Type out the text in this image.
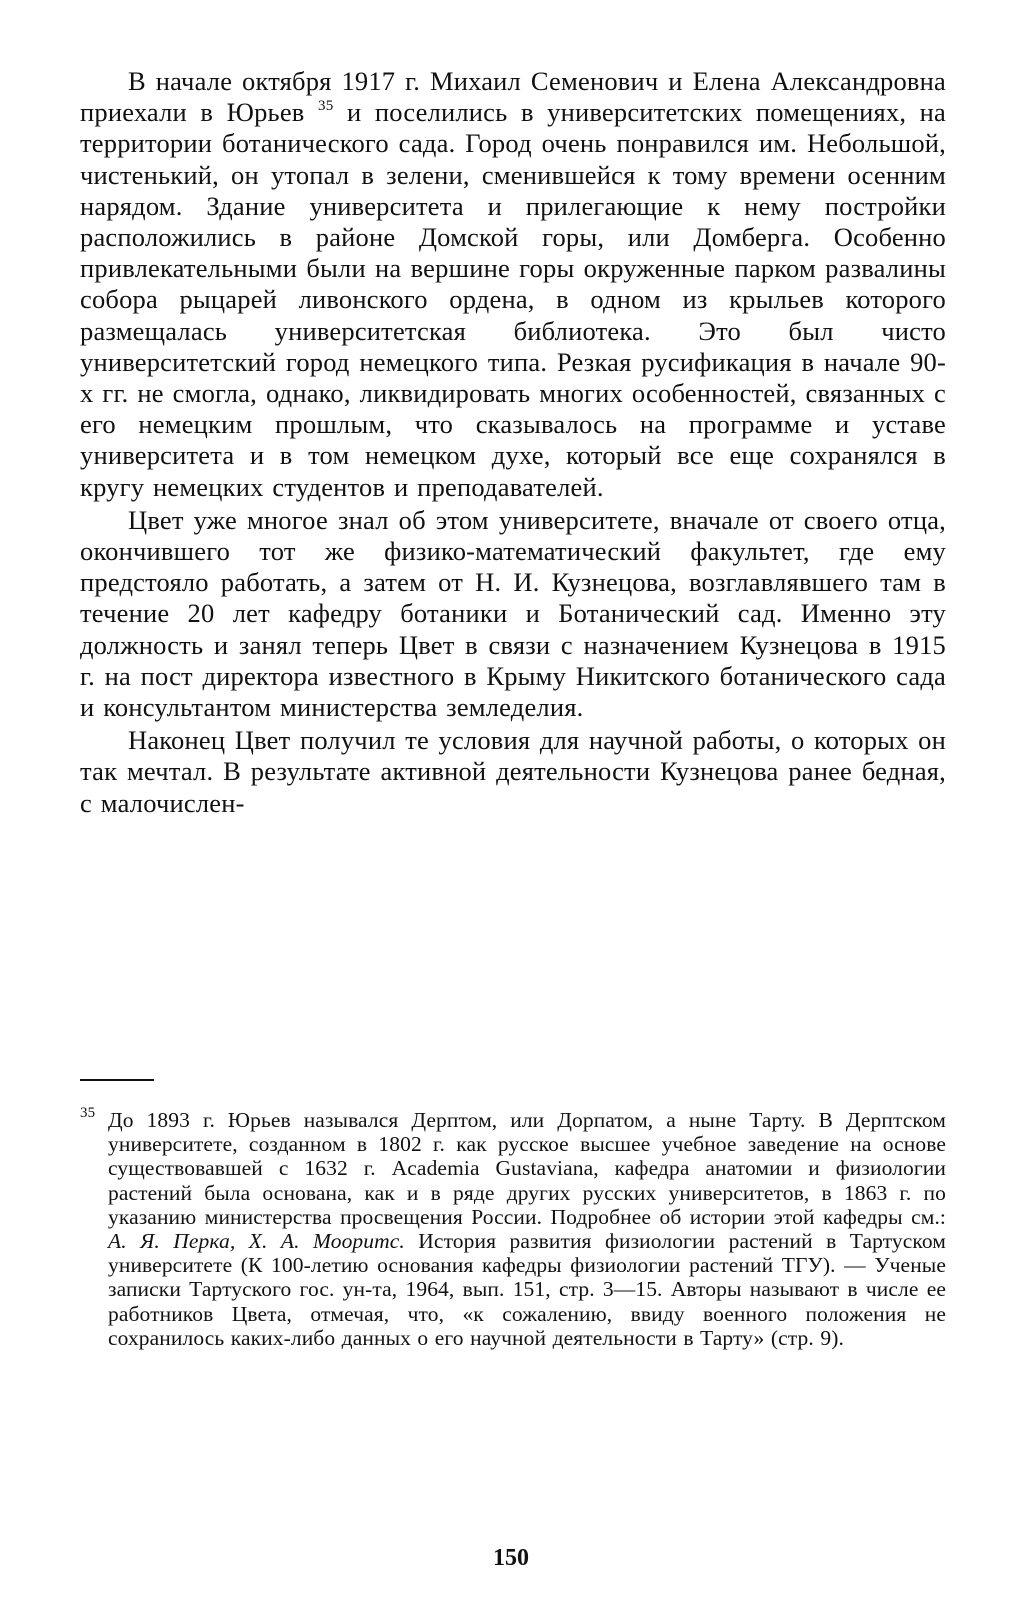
В начале октября 1917 г. Михаил Семенович и Елена Александровна приехали в Юрьев $^{35}$ и поселились в университетских помещениях, на территории ботанического сада. Город очень понравился им. Небольшой, чистенький, он утопал в зелени, сменившейся к тому времени осенним нарядом. Здание университета и прилегающие к нему постройки расположились в районе Домской горы, или Домберга. Особенно привлекательными были на вершине горы окруженные парком развалины собора рыцарей ливонского ордена, в одном из крыльев которого размещалась университетская библиотека. Это был чисто университетский город немецкого типа. Резкая русификация в начале 90-х гг. не смогла, однако, ликвидировать многих особенностей, связанных с его немецким прошлым, что сказывалось на программе и уставе университета и в том немецком духе, который все еще сохранялся в кругу немецких студентов и преподавателей.

Цвет уже многое знал об этом университете, вначале от своего отца, окончившего тот же физико-математический факультет, где ему предстояло работать, а затем от Н. И. Кузнецова, возглавлявшего там в течение 20 лет кафедру ботаники и Ботанический сад. Именно эту должность и занял теперь Цвет в связи с назначением Кузнецова в 1915 г. на пост директора известного в Крыму Никитского ботанического сада и консультантом министерства земледелия.

Наконец Цвет получил те условия для научной работы, о которых он так мечтал. В результате активной деятельности Кузнецова ранее бедная, с малочислен-

35 До 1893 г. Юрьев назывался Дерптом, или Дорпатом, а ныне Тарту. В Дерптском университете, созданном в 1802 г. как русское высшее учебное заведение на основе существовавшей с 1632 г. Academia Gustaviana, кафедра анатомии и физиологии растений была основана, как и в ряде других русских университетов, в 1863 г. по указанию министерства просвещения России. Подробнее об истории этой кафедры см.: А. Я. Перка, Х. А. Мооритс. История развития физиологии растений в Тартуском университете (К 100-летию основания кафедры физиологии растений ТГУ). — Ученые записки Тартуского гос. ун-та, 1964, вып. 151, стр. 3—15. Авторы называют в числе ее работников Цвета, отмечая, что, «к сожалению, ввиду военного положения не сохранилось каких-либо данных о его научной деятельности в Тарту» (стр. 9).

150
